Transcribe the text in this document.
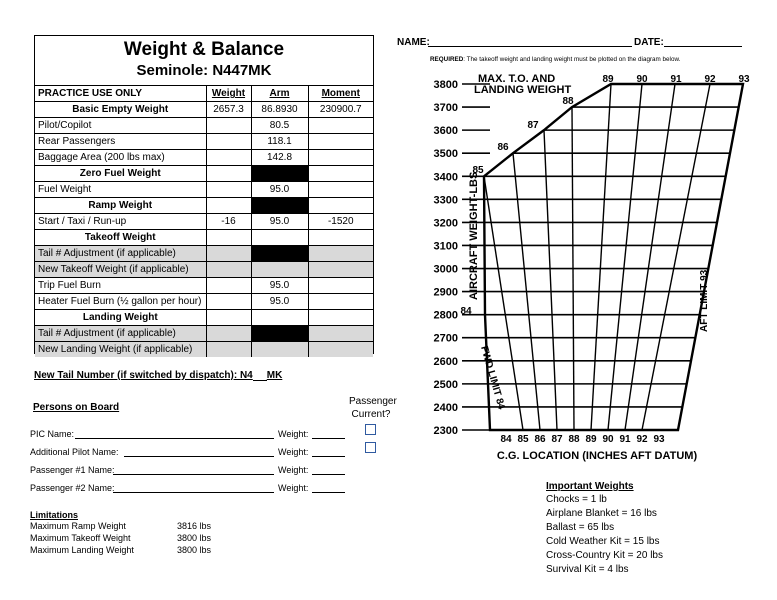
Weight & Balance
Seminole: N447MK
PRACTICE USE ONLY	Weight	Arm	Moment
Basic Empty Weight	2657.3	86.8930	230900.7
Pilot/Copilot		80.5	
Rear Passengers		118.1	
Baggage Area (200 lbs max)		142.8	
Zero Fuel Weight			
Fuel Weight		95.0	
Ramp Weight			
Start / Taxi / Run-up	-16	95.0	-1520
Takeoff Weight			
Tail # Adjustment (if applicable)			
New Takeoff Weight (if applicable)			
Trip Fuel Burn		95.0	
Heater Fuel Burn (½ gallon per hour)		95.0	
Landing Weight			
Tail # Adjustment (if applicable)			
New Landing Weight (if applicable)			
New Tail Number (if switched by dispatch): N4 MK
Persons on Board
Passenger
Current?
PIC Name:	Weight:
Additional Pilot Name:	Weight:
Passenger #1 Name:	Weight:
Passenger #2 Name:	Weight:
Limitations
Maximum Ramp Weight	3816 lbs
Maximum Takeoff Weight	3800 lbs
Maximum Landing Weight	3800 lbs
NAME:	DATE:
REQUIRED: The takeoff weight and landing weight must be plotted on the diagram below.
3800
3700
3600
3500
3400
3300
3200
3100
3000
2900
2800
2700
2600
2500
2400
2300
84 85 86 87 88 89 90 91 92 93
89 90 91 92 93
88
87
86
85
84
MAX. T.O. AND
LANDING WEIGHT
C.G. LOCATION (INCHES AFT DATUM)
AIRCRAFT WEIGHT-LBS
AFT LIMIT 93
FWD LIMIT 84
Important Weights
Chocks = 1 lb
Airplane Blanket = 16 lbs
Ballast = 65 lbs
Cold Weather Kit = 15 lbs
Cross-Country Kit = 20 lbs
Survival Kit = 4 lbs
